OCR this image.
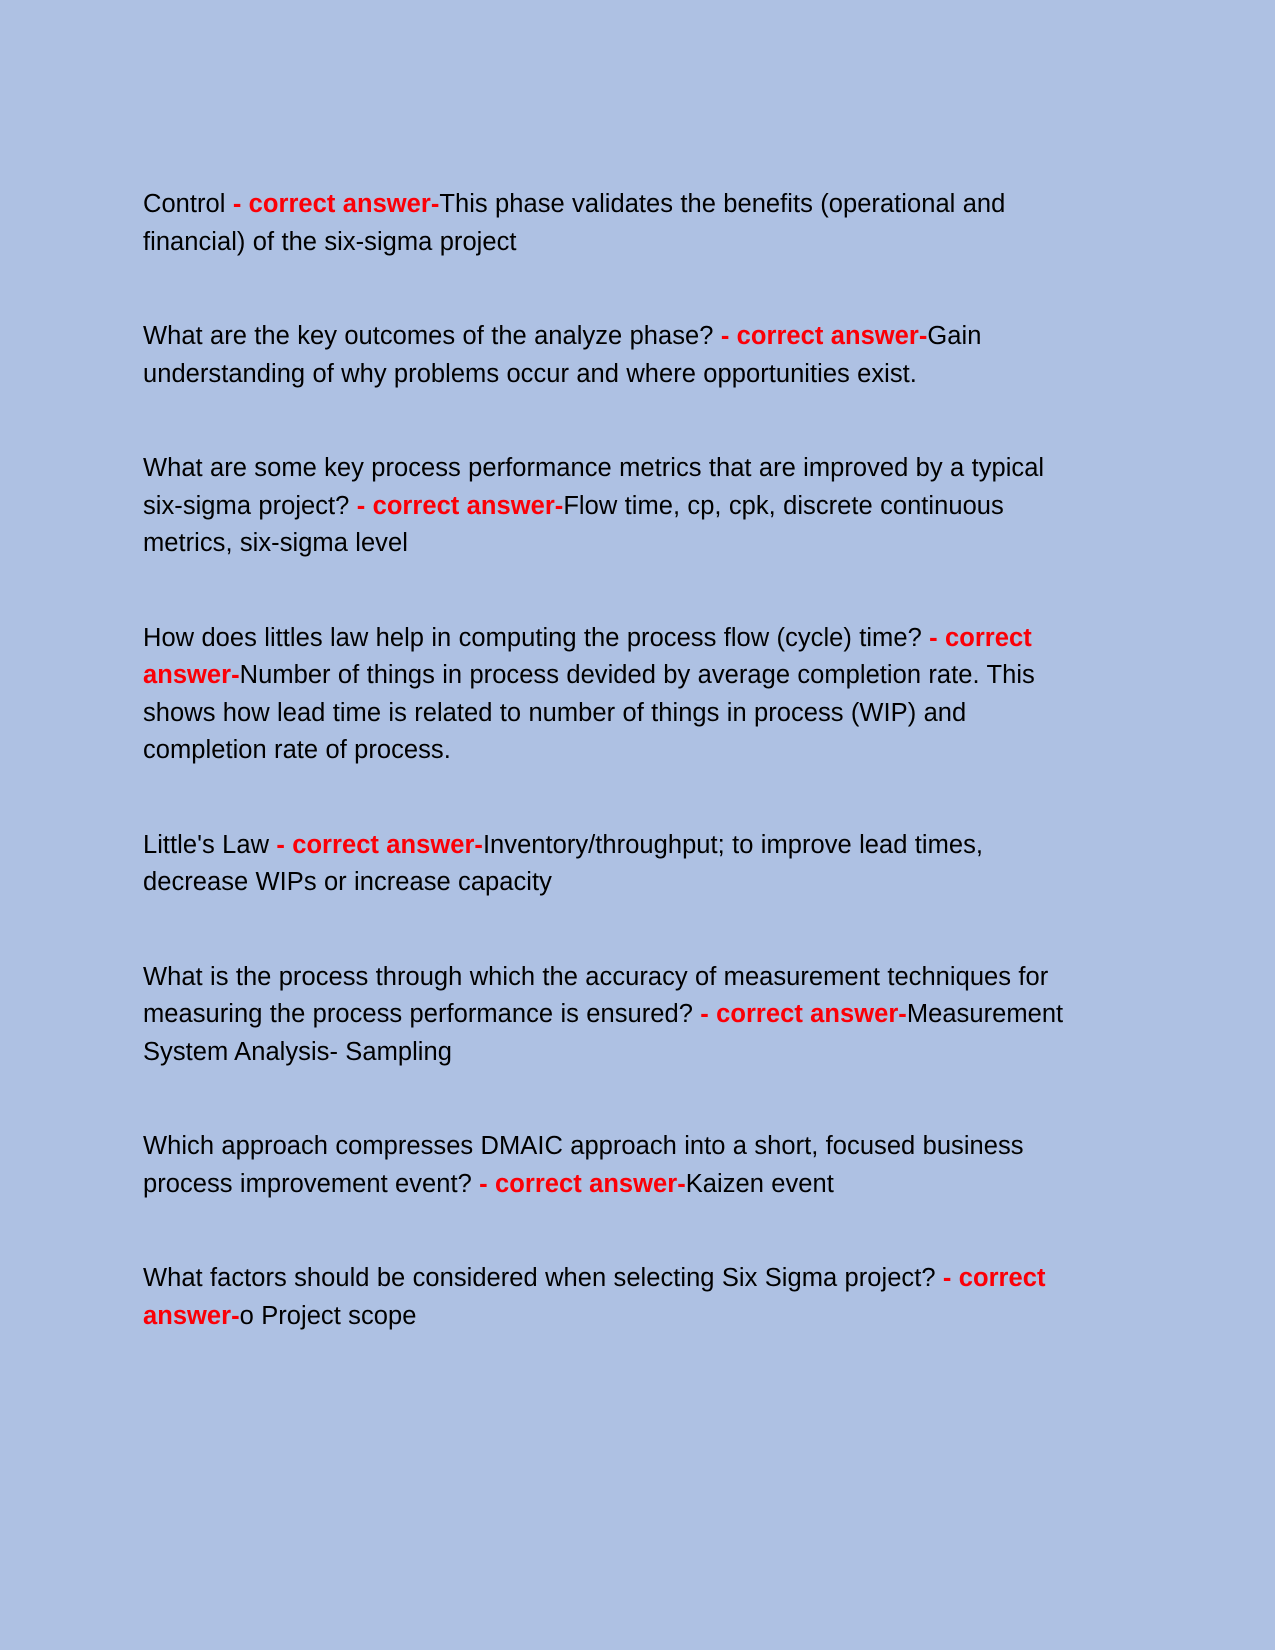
Control - correct answer-This phase validates the benefits (operational and financial) of the six-sigma project

What are the key outcomes of the analyze phase? - correct answer-Gain understanding of why problems occur and where opportunities exist.

What are some key process performance metrics that are improved by a typical six-sigma project? - correct answer-Flow time, cp, cpk, discrete continuous metrics, six-sigma level

How does littles law help in computing the process flow (cycle) time? - correct answer-Number of things in process devided by average completion rate. This shows how lead time is related to number of things in process (WIP) and completion rate of process.

Little's Law - correct answer-Inventory/throughput; to improve lead times, decrease WIPs or increase capacity

What is the process through which the accuracy of measurement techniques for measuring the process performance is ensured? - correct answer-Measurement System Analysis- Sampling

Which approach compresses DMAIC approach into a short, focused business process improvement event? - correct answer-Kaizen event

What factors should be considered when selecting Six Sigma project? - correct answer-o Project scope
